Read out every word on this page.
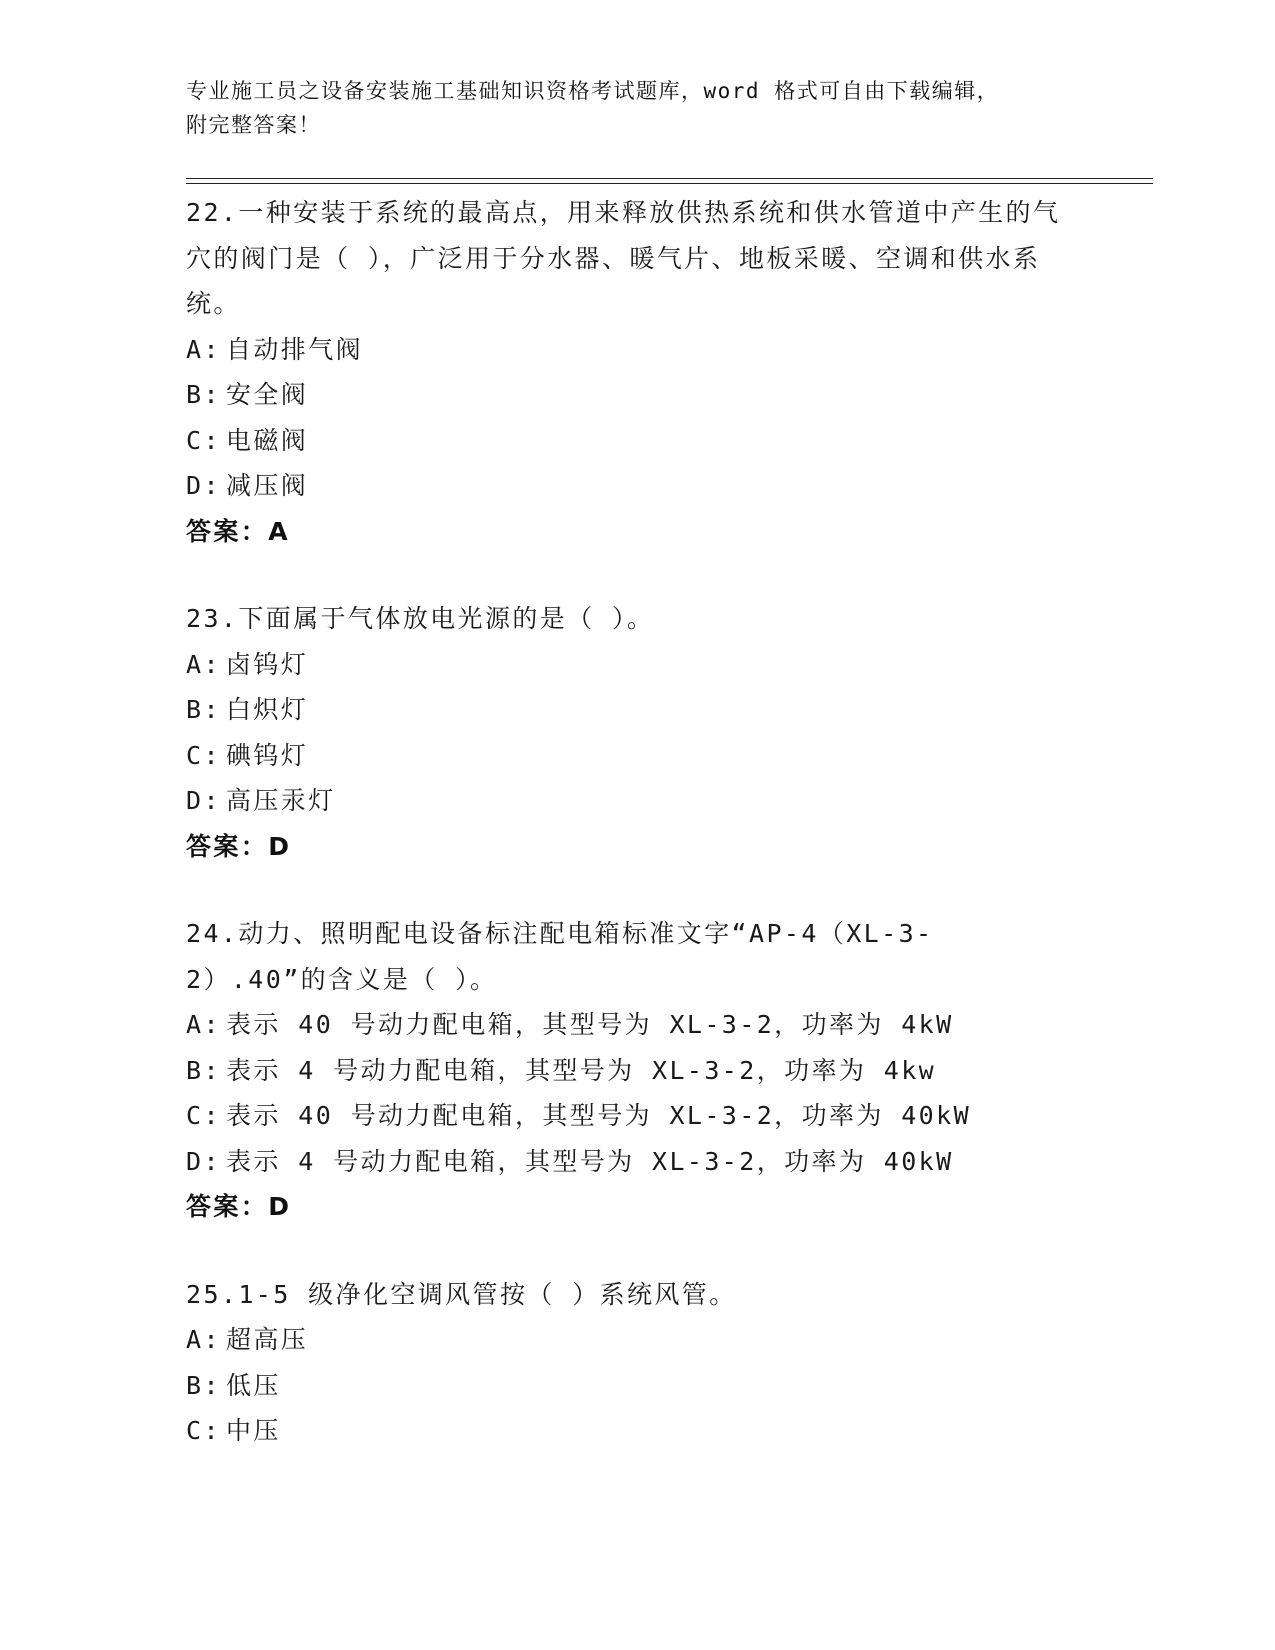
专业施工员之设备安装施工基础知识资格考试题库，word 格式可自由下载编辑，
附完整答案！
22.一种安装于系统的最高点，用来释放供热系统和供水管道中产生的气穴的阀门是（ ），广泛用于分水器、暖气片、地板采暖、空调和供水系统。
A: 自动排气阀
B: 安全阀
C: 电磁阀
D: 减压阀
答案：A
23.下面属于气体放电光源的是（ ）。
A: 卤钨灯
B: 白炽灯
C: 碘钨灯
D: 高压汞灯
答案：D
24.动力、照明配电设备标注配电箱标准文字“AP-4（XL-3-2）.40”的含义是（ ）。
A: 表示 40 号动力配电箱，其型号为 XL-3-2，功率为 4kW
B: 表示 4 号动力配电箱，其型号为 XL-3-2，功率为 4kw
C: 表示 40 号动力配电箱，其型号为 XL-3-2，功率为 40kW
D: 表示 4 号动力配电箱，其型号为 XL-3-2，功率为 40kW
答案：D
25.1-5 级净化空调风管按（ ）系统风管。
A: 超高压
B: 低压
C: 中压
